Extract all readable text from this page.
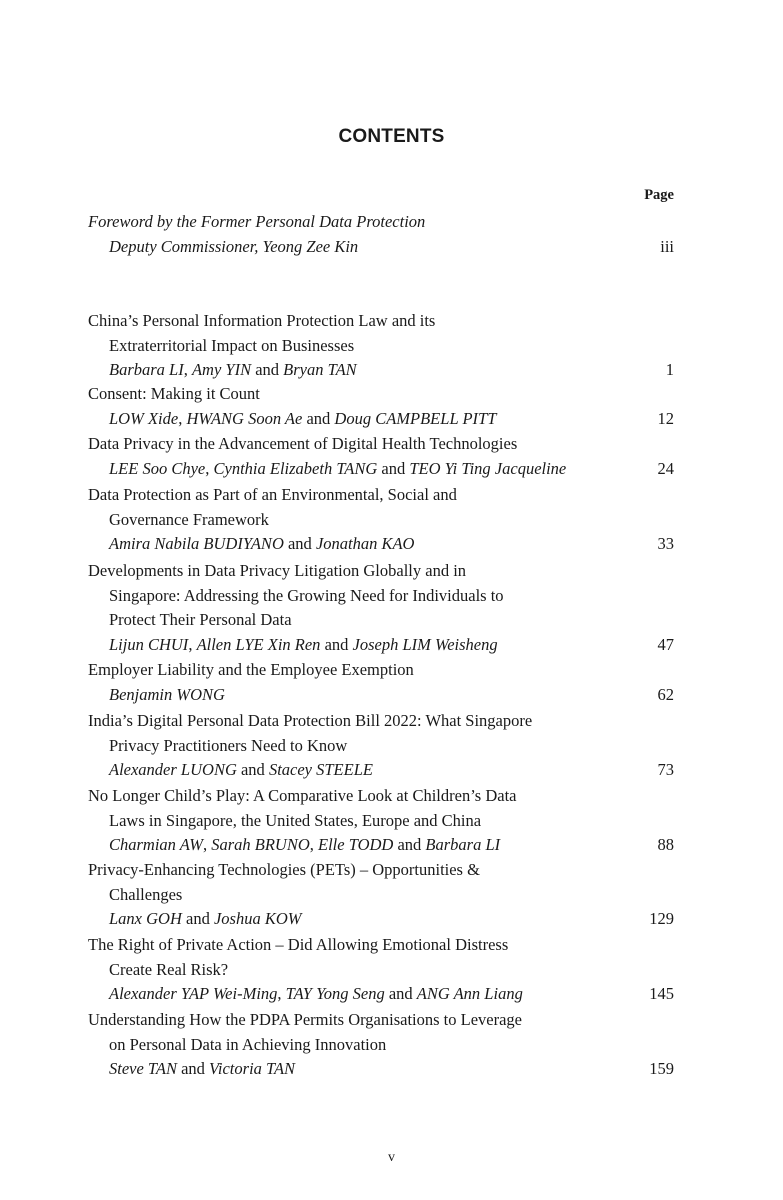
CONTENTS
Page
Foreword by the Former Personal Data Protection
Deputy Commissioner, Yeong Zee Kin	iii
China’s Personal Information Protection Law and its
Extraterritorial Impact on Businesses
Barbara LI, Amy YIN and Bryan TAN	1
Consent: Making it Count
LOW Xide, HWANG Soon Ae and Doug CAMPBELL PITT	12
Data Privacy in the Advancement of Digital Health Technologies
LEE Soo Chye, Cynthia Elizabeth TANG and TEO Yi Ting Jacqueline	24
Data Protection as Part of an Environmental, Social and
Governance Framework
Amira Nabila BUDIYANO and Jonathan KAO	33
Developments in Data Privacy Litigation Globally and in
Singapore: Addressing the Growing Need for Individuals to
Protect Their Personal Data
Lijun CHUI, Allen LYE Xin Ren and Joseph LIM Weisheng	47
Employer Liability and the Employee Exemption
Benjamin WONG	62
India’s Digital Personal Data Protection Bill 2022: What Singapore
Privacy Practitioners Need to Know
Alexander LUONG and Stacey STEELE	73
No Longer Child’s Play: A Comparative Look at Children’s Data
Laws in Singapore, the United States, Europe and China
Charmian AW, Sarah BRUNO, Elle TODD and Barbara LI	88
Privacy-Enhancing Technologies (PETs) – Opportunities &
Challenges
Lanx GOH and Joshua KOW	129
The Right of Private Action – Did Allowing Emotional Distress
Create Real Risk?
Alexander YAP Wei-Ming, TAY Yong Seng and ANG Ann Liang	145
Understanding How the PDPA Permits Organisations to Leverage
on Personal Data in Achieving Innovation
Steve TAN and Victoria TAN	159
v
